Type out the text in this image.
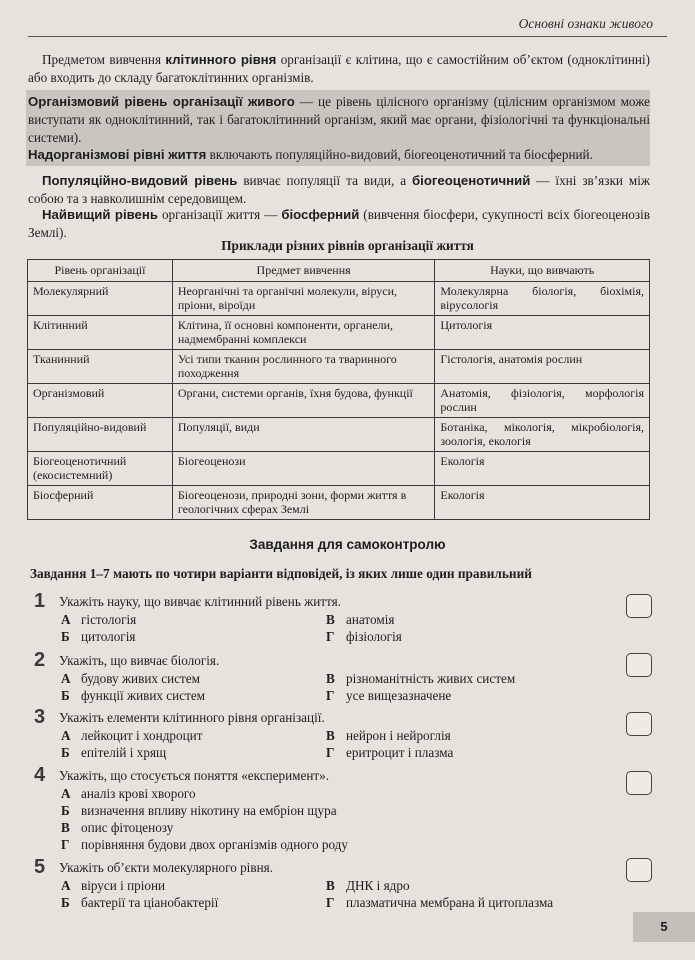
Основні ознаки живого
Предметом вивчення клітинного рівня організації є клітина, що є самостійним об’єктом (одноклітинні) або входить до складу багатоклітинних організмів.
Організмовий рівень організації живого — це рівень цілісного організму (цілісним організмом може виступати як одноклітинний, так і багатоклітинний організм, який має органи, фізіологічні та функціональні системи).
Надорганізмові рівні життя включають популяційно-видовий, біогеоценотичний та біосферний.
Популяційно-видовий рівень вивчає популяції та види, а біогеоценотичний — їхні зв’язки між собою та з навколишнім середовищем.
Найвищий рівень організації життя — біосферний (вивчення біосфери, сукупності всіх біогеоценозів Землі).
Приклади різних рівнів організації життя
Рівень організації	Предмет вивчення	Науки, що вивчають
Молекулярний	Неорганічні та органічні молекули, віруси, пріони, віроїди	Молекулярна біологія, біохімія, вірусологія
Клітинний	Клітина, її основні компоненти, органели, надмембранні комплекси	Цитологія
Тканинний	Усі типи тканин рослинного та тваринного походження	Гістологія, анатомія рослин
Організмовий	Органи, системи органів, їхня будова, функції	Анатомія, фізіологія, морфологія рослин
Популяційно-видовий	Популяції, види	Ботаніка, мікологія, мікробіологія, зоологія, екологія
Біогеоценотичний (екосистемний)	Біогеоценози	Екологія
Біосферний	Біогеоценози, природні зони, форми життя в геологічних сферах Землі	Екологія
Завдання для самоконтролю
Завдання 1–7 мають по чотири варіанти відповідей, із яких лише один правильний
1 Укажіть науку, що вивчає клітинний рівень життя.
А гістологія
Б цитологія
В анатомія
Г фізіологія
2 Укажіть, що вивчає біологія.
А будову живих систем
Б функції живих систем
В різноманітність живих систем
Г усе вищезазначене
3 Укажіть елементи клітинного рівня організації.
А лейкоцит і хондроцит
Б епітелій і хрящ
В нейрон і нейроглія
Г еритроцит і плазма
4 Укажіть, що стосується поняття «експеримент».
А аналіз крові хворого
Б визначення впливу нікотину на ембріон щура
В опис фітоценозу
Г порівняння будови двох організмів одного роду
5 Укажіть об’єкти молекулярного рівня.
А віруси і пріони
Б бактерії та ціанобактерії
В ДНК і ядро
Г плазматична мембрана й цитоплазма
5
